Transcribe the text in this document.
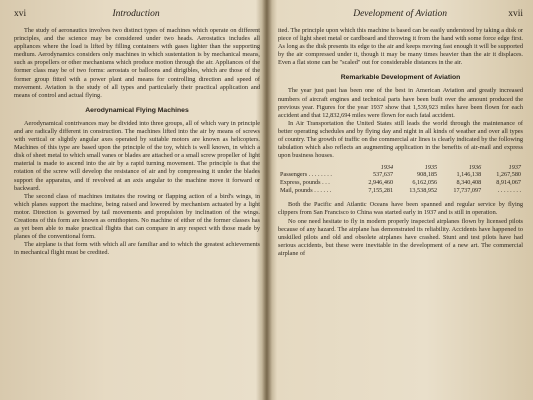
xvi	Introduction

The study of aeronautics involves two distinct types of machines which operate on different principles, and the science may be considered under two heads. Aerostatics includes all appliances where the load is lifted by filling containers with gases lighter than the supporting medium. Aerodynamics considers only machines in which sustentation is by mechanical means, such as propellers or other mechanisms which produce motion through the air. Appliances of the former class may be of two forms: aerostats or balloons and dirigibles, which are those of the former group fitted with a power plant and means for controlling direction and speed of movement. Aviation is the study of all types and particularly their practical application and means of control and actual flying.

Aerodynamical Flying Machines

Aerodynamical contrivances may be divided into three groups, all of which vary in principle and are radically different in construction. The machines lifted into the air by means of screws with vertical or slightly angular axes operated by suitable motors are known as helicopters. Machines of this type are based upon the principle of the toy, which is well known, in which a disk of sheet metal to which small vanes or blades are attached or a small screw propeller of light material is made to ascend into the air by a rapid turning movement. The principle is that the rotation of the screw will develop the resistance of air and by compressing it under the blades support the apparatus, and if revolved at an axis angular to the machine move it forward or backward.

The second class of machines imitates the rowing or flapping action of a bird's wings, in which planes support the machine, being raised and lowered by mechanism actuated by a light motor. Direction is governed by tail movements and propulsion by inclination of the wings. Creations of this form are known as ornithopters. No machine of either of the former classes has as yet been able to make practical flights that can compare in any respect with those made by planes of the conventional form.

The airplane is that form with which all are familiar and to which the greatest achievements in mechanical flight must be credited.

Development of Aviation	xvii

ited. The principle upon which this machine is based can be easily understood by taking a disk or piece of light sheet metal or cardboard and throwing it from the hand with some force edge first. As long as the disk presents its edge to the air and keeps moving fast enough it will be supported by the air compressed under it, though it may be many times heavier than the air it displaces. Even a flat stone can be "scaled" out for considerable distances in the air.

Remarkable Development of Aviation

The year just past has been one of the best in American Aviation and greatly increased numbers of aircraft engines and technical parts have been built over the amount produced the previous year. Figures for the year 1937 show that 1,539,923 miles have been flown for each accident and that 12,832,694 miles were flown for each fatal accident.

In Air Transportation the United States still leads the world through the maintenance of better operating schedules and by flying day and night in all kinds of weather and over all types of country. The growth of traffic on the commercial air lines is clearly indicated by the following tabulation which also reflects an augmenting application in the benefits of air-mail and express upon business houses.

	1934	1935	1936	1937
Passengers . . . . . . . .	537,637	908,185	1,146,138	1,267,580
Express, pounds . . .	2,946,460	6,162,056	8,340,408	8,914,067
Mail, pounds . . . . . .	7,155,281	13,538,952	17,737,097	. . . . . . . .

Both the Pacific and Atlantic Oceans have been spanned and regular service by flying clippers from San Francisco to China was started early in 1937 and is still in operation.

No one need hesitate to fly in modern properly inspected airplanes flown by licensed pilots because of any hazard. The airplane has demonstrated its reliability. Accidents have happened to unskilled pilots and old and obsolete airplanes have crashed. Stunt and test pilots have had serious accidents, but these were inevitable in the development of a new art. The commercial airplane of
